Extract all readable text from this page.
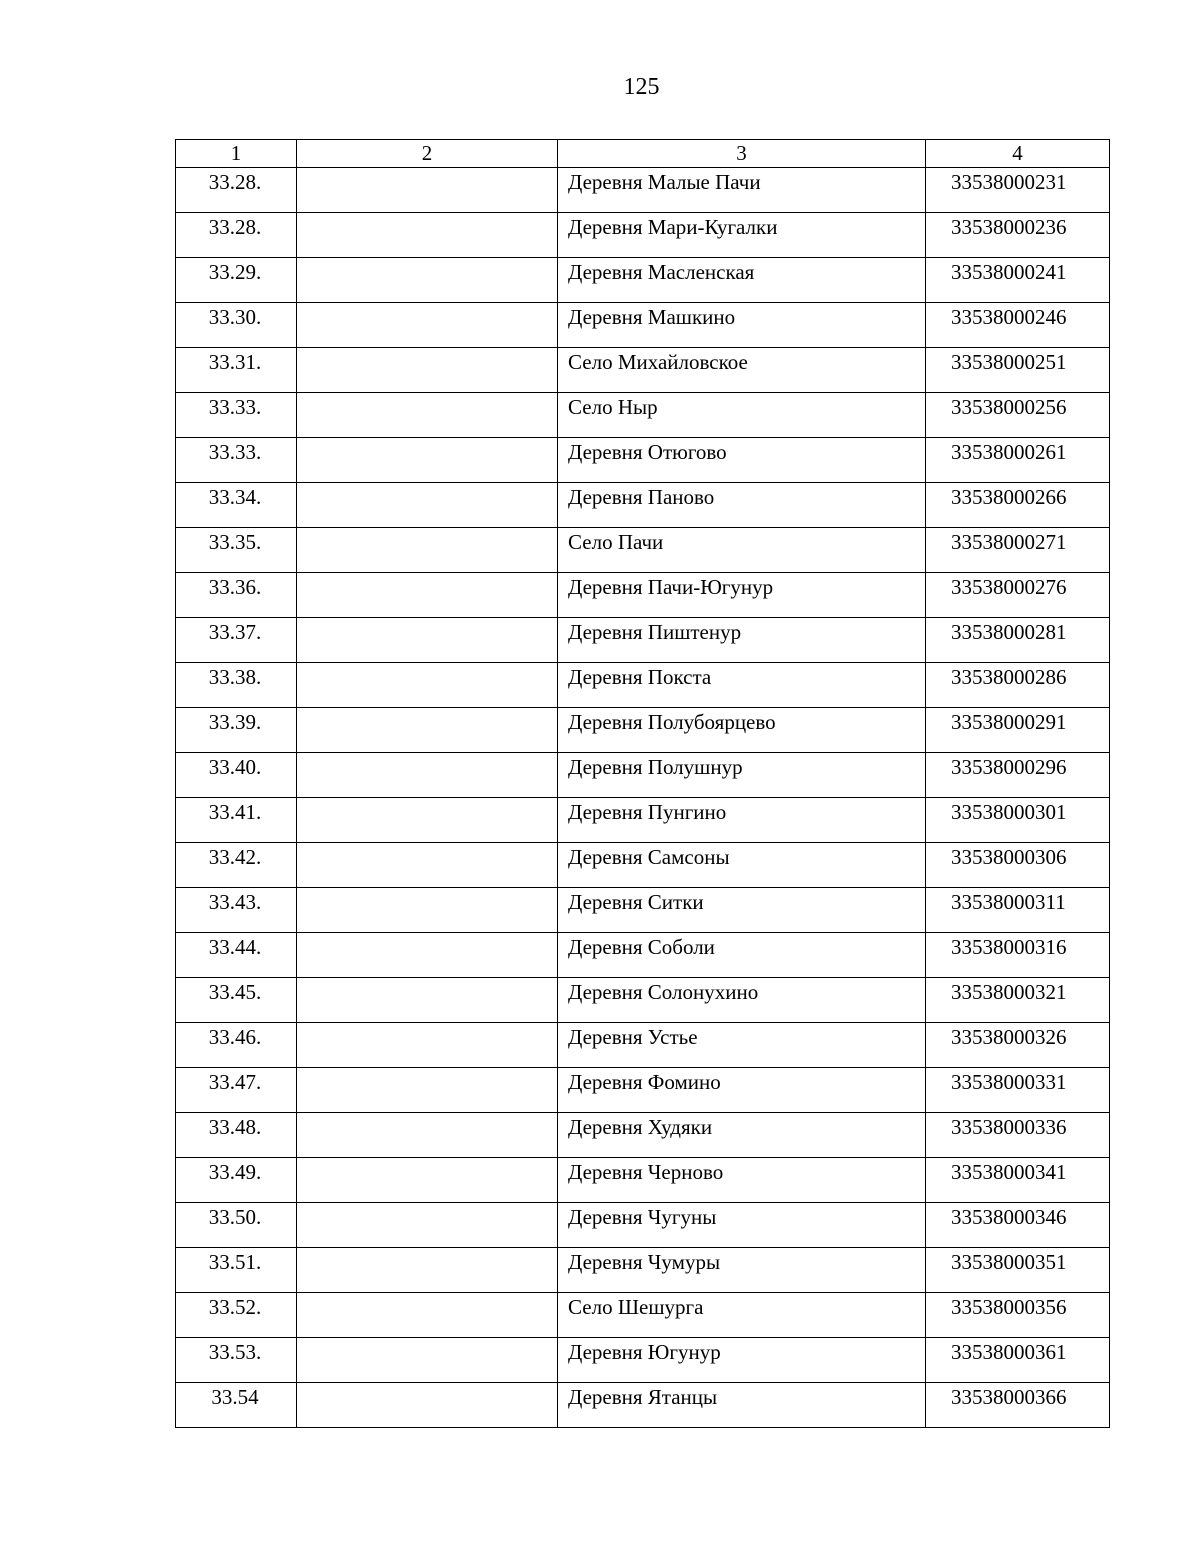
125
1	2	3	4
33.28.		Деревня Малые Пачи	33538000231
33.28.		Деревня Мари-Кугалки	33538000236
33.29.		Деревня Масленская	33538000241
33.30.		Деревня Машкино	33538000246
33.31.		Село Михайловское	33538000251
33.33.		Село Ныр	33538000256
33.33.		Деревня Отюгово	33538000261
33.34.		Деревня Паново	33538000266
33.35.		Село Пачи	33538000271
33.36.		Деревня Пачи-Югунур	33538000276
33.37.		Деревня Пиштенур	33538000281
33.38.		Деревня Покста	33538000286
33.39.		Деревня Полубоярцево	33538000291
33.40.		Деревня Полушнур	33538000296
33.41.		Деревня Пунгино	33538000301
33.42.		Деревня Самсоны	33538000306
33.43.		Деревня Ситки	33538000311
33.44.		Деревня Соболи	33538000316
33.45.		Деревня Солонухино	33538000321
33.46.		Деревня Устье	33538000326
33.47.		Деревня Фомино	33538000331
33.48.		Деревня Худяки	33538000336
33.49.		Деревня Черново	33538000341
33.50.		Деревня Чугуны	33538000346
33.51.		Деревня Чумуры	33538000351
33.52.		Село Шешурга	33538000356
33.53.		Деревня Югунур	33538000361
33.54		Деревня Ятанцы	33538000366
